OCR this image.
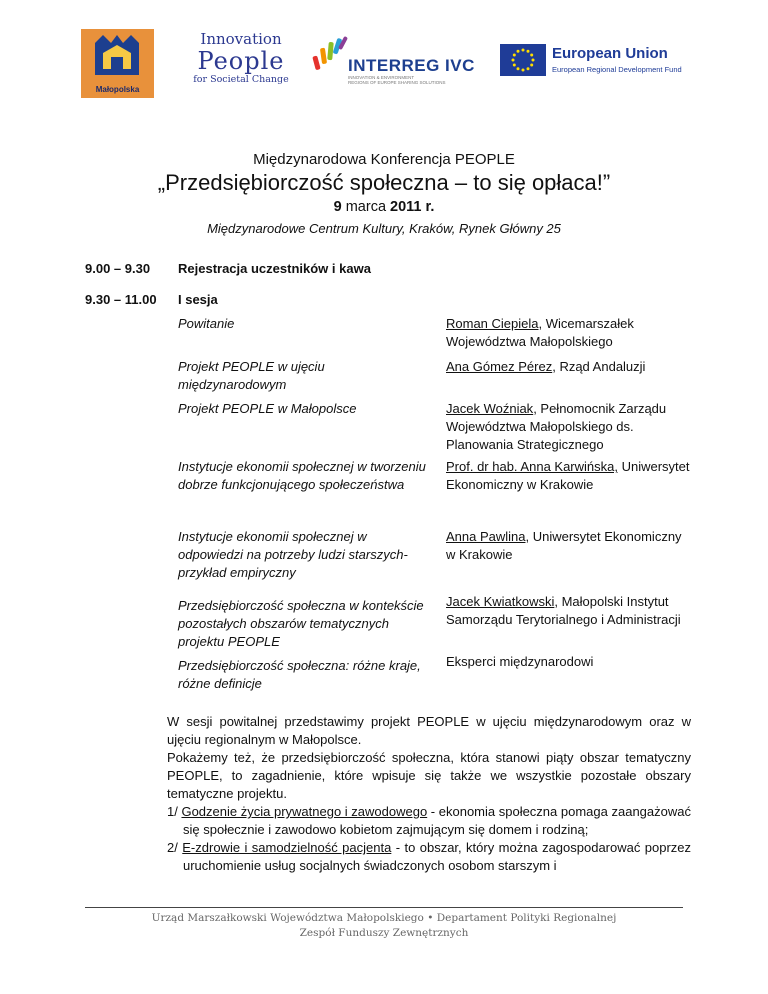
Małopolska
Innovation
People
for Societal Change
INTERREG IVC
INNOVATION & ENVIRONMENT
REGIONS OF EUROPE SHARING SOLUTIONS
European Union
European Regional Development Fund
Międzynarodowa Konferencja PEOPLE
„Przedsiębiorczość społeczna – to się opłaca!”
9 marca 2011 r.
Międzynarodowe Centrum Kultury, Kraków, Rynek Główny 25
9.00 – 9.30 Rejestracja uczestników i kawa
9.30 – 11.00 I sesja
Powitanie	Roman Ciepiela, Wicemarszałek Województwa Małopolskiego
Projekt PEOPLE w ujęciu międzynarodowym
Ana Gómez Pérez, Rząd Andaluzji
Projekt PEOPLE w Małopolsce	Jacek Woźniak, Pełnomocnik Zarządu Województwa Małopolskiego ds. Planowania Strategicznego
Instytucje ekonomii społecznej w tworzeniu dobrze funkcjonującego społeczeństwa
Prof. dr hab. Anna Karwińska, Uniwersytet Ekonomiczny w Krakowie
Instytucje ekonomii społecznej w odpowiedzi na potrzeby ludzi starszych- przykład empiryczny
Anna Pawlina, Uniwersytet Ekonomiczny w Krakowie
Przedsiębiorczość społeczna w kontekście pozostałych obszarów tematycznych projektu PEOPLE
Jacek Kwiatkowski, Małopolski Instytut Samorządu Terytorialnego i Administracji
Przedsiębiorczość społeczna: różne kraje, różne definicje
Eksperci międzynarodowi

W sesji powitalnej przedstawimy projekt PEOPLE w ujęciu międzynarodowym oraz w ujęciu regionalnym w Małopolsce.

Pokażemy też, że przedsiębiorczość społeczna, która stanowi piąty obszar tematyczny PEOPLE, to zagadnienie, które wpisuje się także we wszystkie pozostałe obszary tematyczne projektu.

1/ Godzenie życia prywatnego i zawodowego - ekonomia społeczna pomaga zaangażować się społecznie i zawodowo kobietom zajmującym się domem i rodziną;

2/ E-zdrowie i samodzielność pacjenta - to obszar, który można zagospodarować poprzez uruchomienie usług socjalnych świadczonych osobom starszym i

Urząd Marszałkowski Województwa Małopolskiego • Departament Polityki Regionalnej
Zespół Funduszy Zewnętrznych
